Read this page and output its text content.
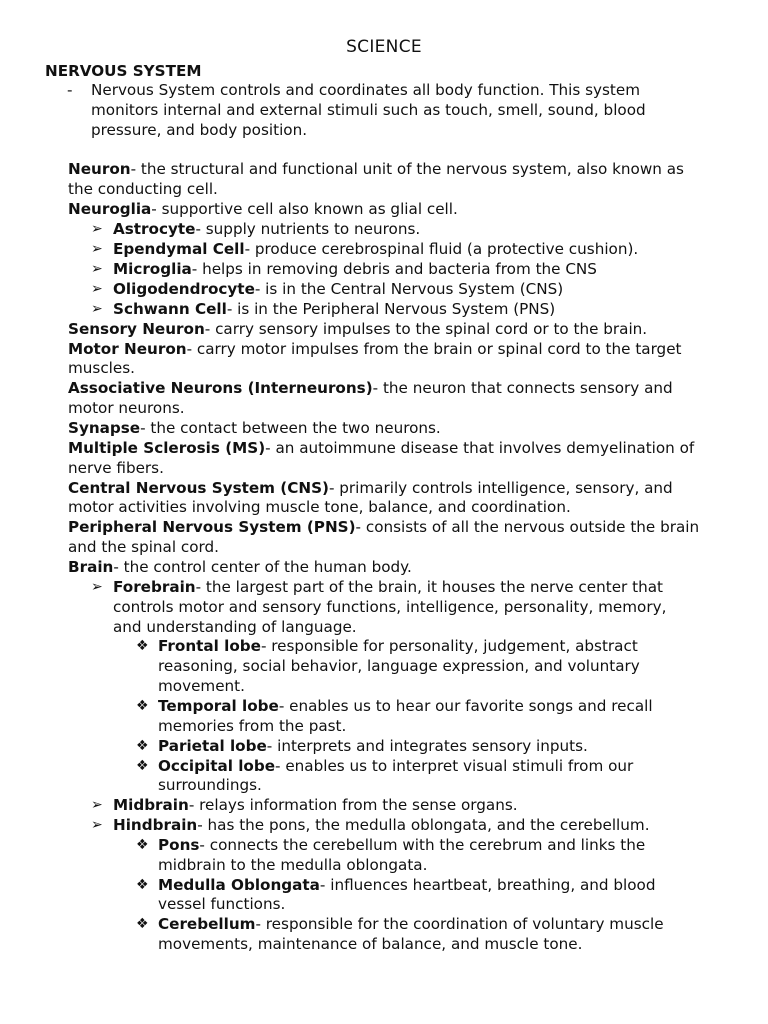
SCIENCE
NERVOUS SYSTEM
- Nervous System controls and coordinates all body function. This system
monitors internal and external stimuli such as touch, smell, sound, blood
pressure, and body position.
Neuron- the structural and functional unit of the nervous system, also known as
the conducting cell.
Neuroglia- supportive cell also known as glial cell.
➢ Astrocyte- supply nutrients to neurons.
➢ Ependymal Cell- produce cerebrospinal fluid (a protective cushion).
➢ Microglia- helps in removing debris and bacteria from the CNS
➢ Oligodendrocyte- is in the Central Nervous System (CNS)
➢ Schwann Cell- is in the Peripheral Nervous System (PNS)
Sensory Neuron- carry sensory impulses to the spinal cord or to the brain.
Motor Neuron- carry motor impulses from the brain or spinal cord to the target
muscles.
Associative Neurons (Interneurons)- the neuron that connects sensory and
motor neurons.
Synapse- the contact between the two neurons.
Multiple Sclerosis (MS)- an autoimmune disease that involves demyelination of
nerve fibers.
Central Nervous System (CNS)- primarily controls intelligence, sensory, and
motor activities involving muscle tone, balance, and coordination.
Peripheral Nervous System (PNS)- consists of all the nervous outside the brain
and the spinal cord.
Brain- the control center of the human body.
➢ Forebrain- the largest part of the brain, it houses the nerve center that
controls motor and sensory functions, intelligence, personality, memory,
and understanding of language.
❖ Frontal lobe- responsible for personality, judgement, abstract
reasoning, social behavior, language expression, and voluntary
movement.
❖ Temporal lobe- enables us to hear our favorite songs and recall
memories from the past.
❖ Parietal lobe- interprets and integrates sensory inputs.
❖ Occipital lobe- enables us to interpret visual stimuli from our
surroundings.
➢ Midbrain- relays information from the sense organs.
➢ Hindbrain- has the pons, the medulla oblongata, and the cerebellum.
❖ Pons- connects the cerebellum with the cerebrum and links the
midbrain to the medulla oblongata.
❖ Medulla Oblongata- influences heartbeat, breathing, and blood
vessel functions.
❖ Cerebellum- responsible for the coordination of voluntary muscle
movements, maintenance of balance, and muscle tone.
